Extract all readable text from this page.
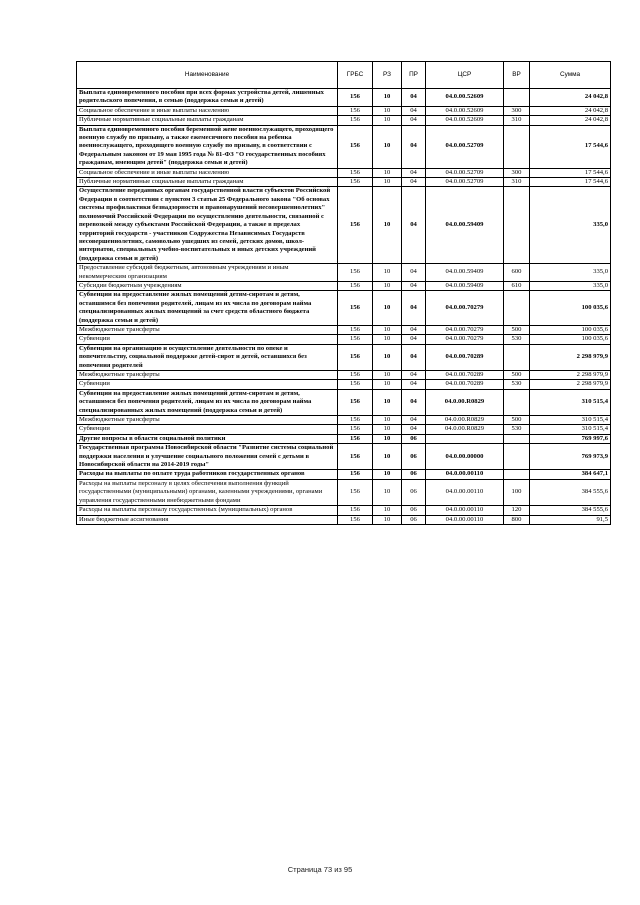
Наименование	ГРБС	РЗ	ПР	ЦСР	ВР	Сумма
Выплата единовременного пособия при всех формах устройства детей, лишенных родительского попечения, в семью (поддержка семьи и детей)	156	10	04	04.0.00.52609		24 042,8
Социальное обеспечение и иные выплаты населению	156	10	04	04.0.00.52609	300	24 042,8
Публичные нормативные социальные выплаты гражданам	156	10	04	04.0.00.52609	310	24 042,8
Выплата единовременного пособия беременной жене военнослужащего, проходящего военную службу по призыву, а также ежемесячного пособия на ребенка военнослужащего, проходящего военную службу по призыву, в соответствии с Федеральным законом от 19 мая 1995 года № 81-ФЗ "О государственных пособиях гражданам, имеющим детей" (поддержка семьи и детей)	156	10	04	04.0.00.52709		17 544,6
Социальное обеспечение и иные выплаты населению	156	10	04	04.0.00.52709	300	17 544,6
Публичные нормативные социальные выплаты гражданам	156	10	04	04.0.00.52709	310	17 544,6
Осуществление переданных органам государственной власти субъектов Российской Федерации в соответствии с пунктом 3 статьи 25 Федерального закона "Об основах системы профилактики безнадзорности и правонарушений несовершеннолетних" полномочий Российской Федерации по осуществлению деятельности, связанной с перевозкой между субъектами Российской Федерации, а также в пределах территорий государств - участников Содружества Независимых Государств несовершеннолетних, самовольно ушедших из семей, детских домов, школ-интернатов, специальных учебно-воспитательных и иных детских учреждений (поддержка семьи и детей)	156	10	04	04.0.00.59409		335,0
Предоставление субсидий бюджетным, автономным учреждениям и иным некоммерческим организациям	156	10	04	04.0.00.59409	600	335,0
Субсидии бюджетным учреждениям	156	10	04	04.0.00.59409	610	335,0
Субвенции на предоставление жилых помещений детям-сиротам и детям, оставшимся без попечения родителей, лицам из их числа по договорам найма специализированных жилых помещений за счет средств областного бюджета (поддержка семьи и детей)	156	10	04	04.0.00.70279		100 035,6
Межбюджетные трансферты	156	10	04	04.0.00.70279	500	100 035,6
Субвенции	156	10	04	04.0.00.70279	530	100 035,6
Субвенции на организацию и осуществление деятельности по опеке и попечительству, социальной поддержке детей-сирот и детей, оставшихся без попечения родителей	156	10	04	04.0.00.70289		2 298 979,9
Межбюджетные трансферты	156	10	04	04.0.00.70289	500	2 298 979,9
Субвенции	156	10	04	04.0.00.70289	530	2 298 979,9
Субвенции на предоставление жилых помещений детям-сиротам и детям, оставшимся без попечения родителей, лицам из их числа по договорам найма специализированных жилых помещений (поддержка семьи и детей)	156	10	04	04.0.00.R0829		310 515,4
Межбюджетные трансферты	156	10	04	04.0.00.R0829	500	310 515,4
Субвенции	156	10	04	04.0.00.R0829	530	310 515,4
Другие вопросы в области социальной политики	156	10	06			769 997,6
Государственная программа Новосибирской области "Развитие системы социальной поддержки населения и улучшение социального положения семей с детьми в Новосибирской области на 2014-2019 годы"	156	10	06	04.0.00.00000		769 973,9
Расходы на выплаты по оплате труда работников государственных органов	156	10	06	04.0.00.00110		384 647,1
Расходы на выплаты персоналу в целях обеспечения выполнения функций государственными (муниципальными) органами, казенными учреждениями, органами управления государственными внебюджетными фондами	156	10	06	04.0.00.00110	100	384 555,6
Расходы на выплаты персоналу государственных (муниципальных) органов	156	10	06	04.0.00.00110	120	384 555,6
Иные бюджетные ассигнования	156	10	06	04.0.00.00110	800	91,5
Страница 73 из 95
